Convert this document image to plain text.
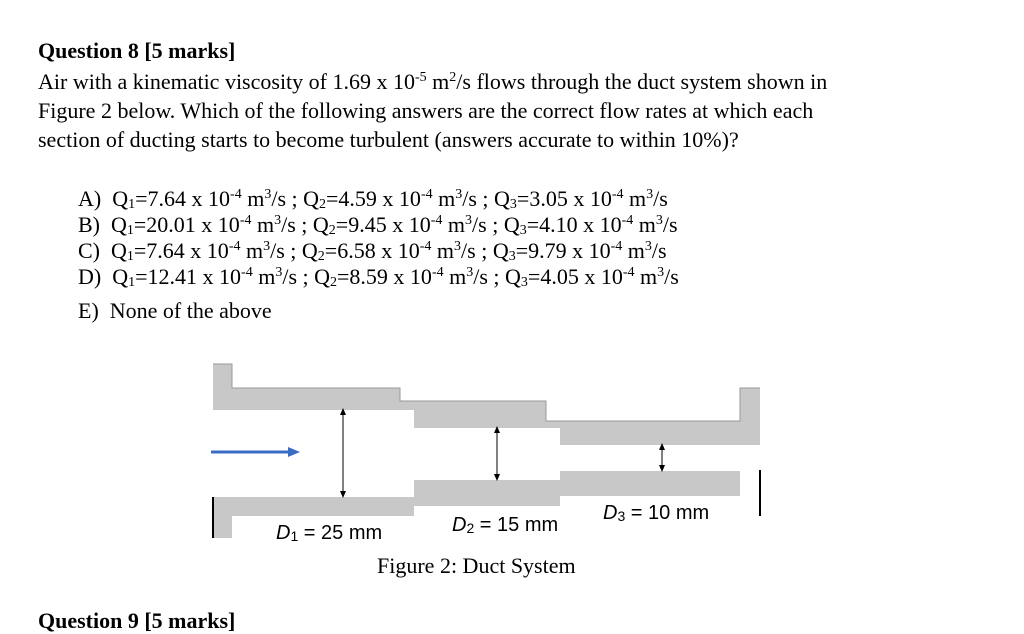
Question 8 [5 marks]
Air with a kinematic viscosity of 1.69 x $10^{-5}$ $m^2/s$ flows through the duct system shown in
Figure 2 below. Which of the following answers are the correct flow rates at which each
section of ducting starts to become turbulent (answers accurate to within 10%)?
A)  $Q_1=7.64$ x $10^{-4}$ $m^3/s$ ; $Q_2=4.59$ x $10^{-4}$ $m^3/s$ ; $Q_3=3.05$ x $10^{-4}$ $m^3/s$
B)  $Q_1=20.01$ x $10^{-4}$ $m^3/s$ ; $Q_2=9.45$ x $10^{-4}$ $m^3/s$ ; $Q_3=4.10$ x $10^{-4}$ $m^3/s$
C)  $Q_1=7.64$ x $10^{-4}$ $m^3/s$ ; $Q_2=6.58$ x $10^{-4}$ $m^3/s$ ; $Q_3=9.79$ x $10^{-4}$ $m^3/s$
D)  $Q_1=12.41$ x $10^{-4}$ $m^3/s$ ; $Q_2=8.59$ x $10^{-4}$ $m^3/s$ ; $Q_3=4.05$ x $10^{-4}$ $m^3/s$
E) None of the above
$D_1 = 25$ mm	$D_2 = 15$ mm
$D_3 = 10$ mm
Figure 2: Duct System
Question 9 [5 marks]
